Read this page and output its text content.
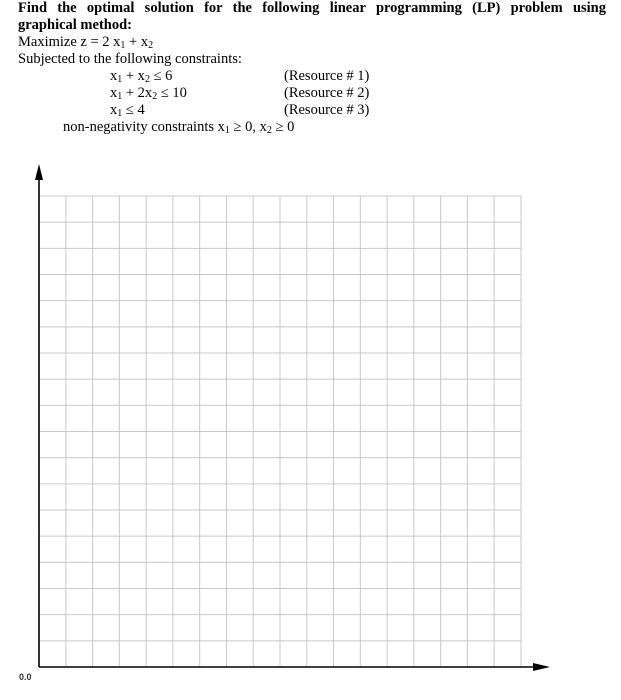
Find the optimal solution for the following linear programming (LP) problem using

graphical method:

Maximize z = 2 $x_1 + x_2$

Subjected to the following constraints:

$x_1 + x_2 \le 6$	(Resource # 1)
$x_1 + 2x_2 \le 10$	(Resource # 2)
$x_1 \le 4$	(Resource # 3)

non-negativity constraints $x_1 \ge 0$, $x_2 \ge 0$

0.0
